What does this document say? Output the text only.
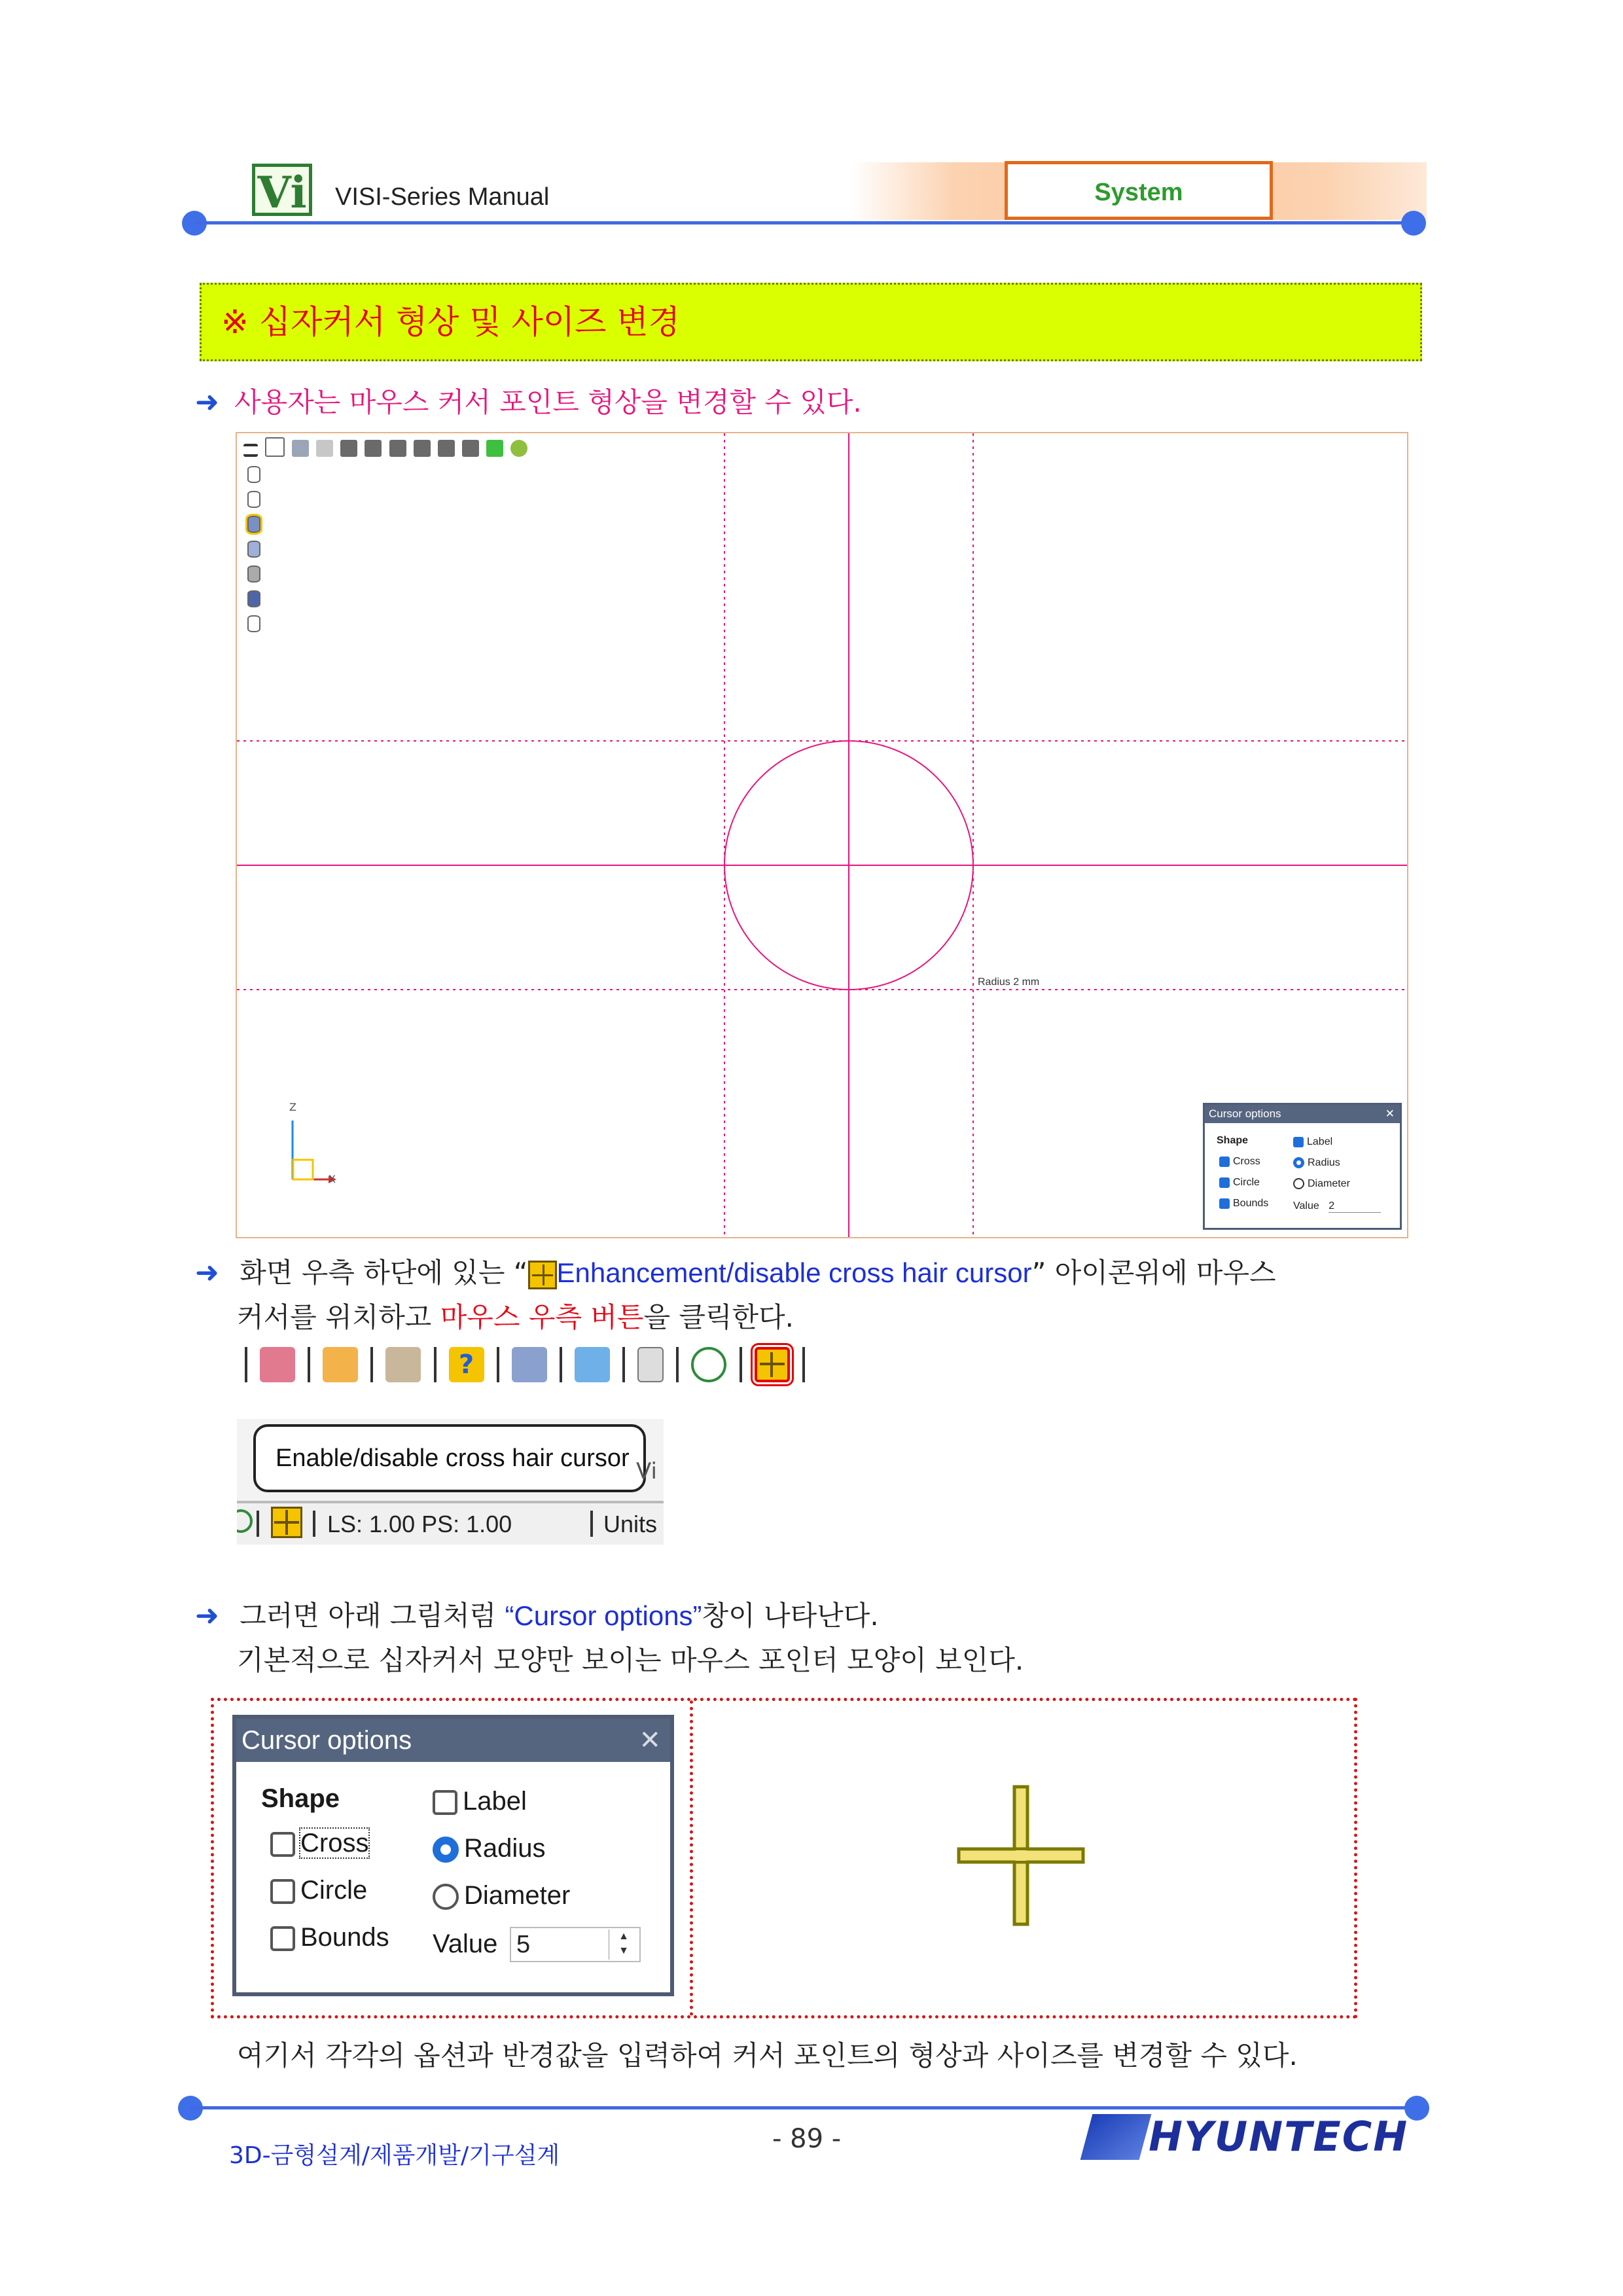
Vi VISI-Series Manual	System
※ 십자커서 형상 및 사이즈 변경
➜ 사용자는 마우스 커서 포인트 형상을 변경할 수 있다.
Radius 2 mm
Z
X

Cursor options	✕
Shape
Cross
Circle
Bounds
Label
Radius
Diameter
Value 2
➜ 화면 우측 하단에 있는 “ Enhancement/disable cross hair cursor” 아이콘위에 마우스
커서를 위치하고 마우스 우측 버튼을 클릭한다.
?

Enable/disable cross hair cursor Vi
LS: 1.00 PS: 1.00	Units
➜ 그러면 아래 그림처럼 “Cursor options”창이 나타난다.
기본적으로 십자커서 모양만 보이는 마우스 포인터 모양이 보인다.
Cursor options	✕
Shape
Cross
Circle
Bounds
Label
Radius
Diameter
Value 5	▲
▼
여기서 각각의 옵션과 반경값을 입력하여 커서 포인트의 형상과 사이즈를 변경할 수 있다.
3D-금형설계/제품개발/기구설계
- 89 -	HYUNTECH
